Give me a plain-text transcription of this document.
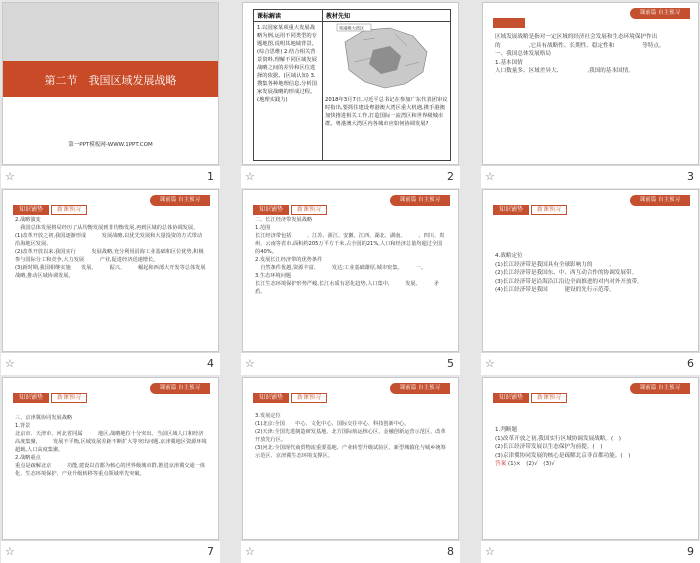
第二节　我国区域发展战略
第一PPT模板网-WWW.1PPT.COM
☆	1
课标解读
1.以国家某项重大发展战略为例,运用不同类型的专题地图,说明其地域背景。(综合思维) 2.结合相关背景资料,理解不同区域发展战略之间的差异和区位选择的依据。(区域认知) 3.搜集各种地理信息,分析国家发展战略的形成过程。(地理实践力)
教材先知
粤港澳大湾区
2018年3月7日,习近平总书记在参加广东代表团审议时指出,要抓住建设粤港澳大湾区重大机遇,携手港澳加快推进相关工作,打造国际一流湾区和世界级城市群。粤港澳大湾区内各城市应如何协调发展?
☆	2

课前篇 自主预习

区域发展战略是指对一定区域的经济社会发展和生态环境保护作出的　　　　　,它具有战略性、长期性、稳定性和　　　　　等特点。

一、我国总体发展格局

1.基本国情

人口数量多、区域差异大、　　　　　,我国的基本国情。

☆	3
知识铺垫 新课预习
课前篇 自主预习

2.战略演变

　我国总体发展格局经历了从均衡发展到非均衡发展,再到区域的总体协调发展。

(1)改革开放之初,我国逐渐形成　　　发展战略,以优先发展和大量投资的方式带动沿海地区发展。

(2)改革开放以来,我国实行　　　发展战略,充分利用沿海工业基础和区位优势,积极参与国际分工和竞争,大力发展　　　产业,促进经济迅速增长。

(3)新时期,我国相继实施　　发展、　　　振兴、　　　崛起和西部大开发等总体发展战略,推动区域协调发展。

☆	4
知识铺垫 新课预习
课前篇 自主预习

二、长江经济带发展战略

1.范围

长江经济带包括　　　、江苏、浙江、安徽、江西、湖北、湖南、　　　、四川、贵州、云南等省市,面积约205万平方千米,占全国的21%,人口和经济总量均超过全国的40%。

2.发展长江经济带的优势条件

　自然条件优越,资源丰富、　　　发达;工业基础雄厚,城市密集、　　　一。

3.生态环境问题

长江生态环境保护形势严峻,长江水质有恶化趋势,人口集中,　　　发展、　　　矛盾。

☆	5
知识铺垫 新课预习
课前篇 自主预习

4.战略定位

(1)长江经济带是我国具有全球影响力的　　　。

(2)长江经济带是我国东、中、西互动合作的协调发展带。

(3)长江经济带是沿海沿江沿边全面推进的对内对外开放带。

(4)长江经济带是我国　　　建设的先行示范带。

☆	6
知识铺垫 新课预习
课前篇 自主预习

三、京津冀协同发展战略

1.背景

北京市、天津市、河北省同属　　　地区,战略地位十分突出。当前区域人口和经济高度集聚,　　　发展不平衡,区域发展差距不断扩大等突出问题,京津冀地区资源环境超载,人口高度集聚。

2.战略重点

重点是疏解北京　　　功能,建设以首都为核心的世界级城市群,推进京津冀交通一体化、生态环境保护、产业升级转移等重点领域率先突破。

☆	7
知识铺垫 新课预习
课前篇 自主预习

3.发展定位

(1)北京:全国　　中心、文化中心、国际交往中心、科技创新中心。

(2)天津:全国先进制造研发基地、北方国际航运核心区、金融创新运营示范区、改革开放先行区。

(3)河北:全国现代商贸物流重要基地、产业转型升级试验区、新型城镇化与城乡统筹示范区、京津冀生态环境支撑区。

☆	8
知识铺垫 新课预习
课前篇 自主预习

1.判断题

(1)改革开放之初,我国实行区域协调发展战略。(　)

(2)长江经济带发展以生态保护为前提。(　)

(3)京津冀协同发展的核心是疏解北京非首都功能。(　)

答案 (1)×　(2)√　(3)√

☆	9
